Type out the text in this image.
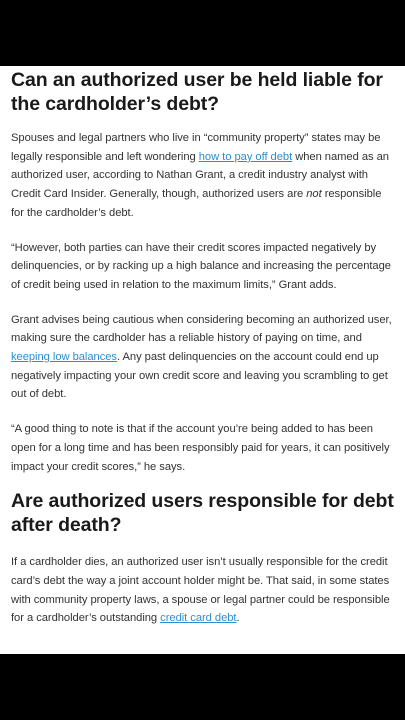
Can an authorized user be held liable for the cardholder’s debt?

Spouses and legal partners who live in “community property” states may be legally responsible and left wondering how to pay off debt when named as an authorized user, according to Nathan Grant, a credit industry analyst with Credit Card Insider. Generally, though, authorized users are not responsible for the cardholder’s debt.

“However, both parties can have their credit scores impacted negatively by delinquencies, or by racking up a high balance and increasing the percentage of credit being used in relation to the maximum limits,” Grant adds.

Grant advises being cautious when considering becoming an authorized user, making sure the cardholder has a reliable history of paying on time, and keeping low balances. Any past delinquencies on the account could end up negatively impacting your own credit score and leaving you scrambling to get out of debt.

“A good thing to note is that if the account you’re being added to has been open for a long time and has been responsibly paid for years, it can positively impact your credit scores,” he says.

Are authorized users responsible for debt after death?

If a cardholder dies, an authorized user isn’t usually responsible for the credit card’s debt the way a joint account holder might be. That said, in some states with community property laws, a spouse or legal partner could be responsible for a cardholder’s outstanding credit card debt.
